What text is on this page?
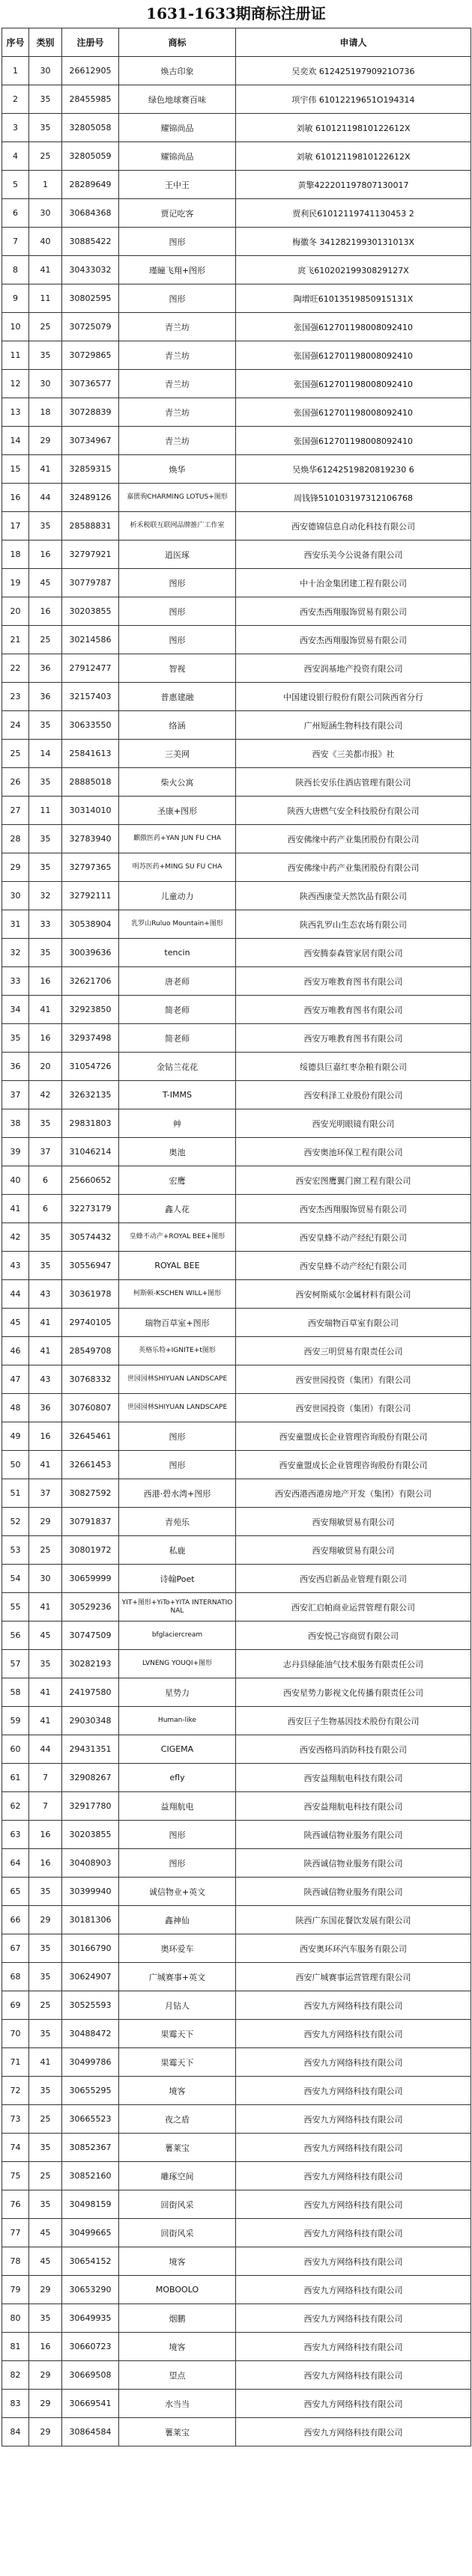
1631-1633期商标注册证
序号	类别	注册号	商标	申请人
1	30	26612905	焕古印象	吴奕欢 61242519790921O736
2	35	28455985	绿色地球赛百味	项宇伟 61012219651O194314
3	35	32805058	耀锦尚品	刘敏 61012119810122612X
4	25	32805059	耀锦尚品	刘敏 61012119810122612X
5	1	28289649	王中王	黄擎422201197807130017
6	30	30684368	贾记吃客	贾利民61012119741130453 2
7	40	30885422	图形	梅徽冬 34128219930131013X
8	41	30433032	瑾瞳飞翔+图形	庹飞61020219930829127X
9	11	30802595	图形	陶增旺61013519850915131X
10	25	30725079	青兰坊	张国强612701198008092410
11	35	30729865	青兰坊	张国强612701198008092410
12	30	30736577	青兰坊	张国强612701198008092410
13	18	30728839	青兰坊	张国强612701198008092410
14	29	30734967	青兰坊	张国强612701198008092410
15	41	32859315	焕华	吴焕华61242519820819230 6
16	44	32489126	嘉匮驹CHARMING LOTUS+图形	周钱锋510103197312106768
17	35	28588831	析禾税联互联网品牌推广工作室	西安德锦信息自动化科技有限公司
18	16	32797921	逍医琢	西安乐美今公说备有限公司
19	45	30779787	图形	中十治金集团建工程有限公司
20	16	30203855	图形	西安杰西翔服饰贸易有限公司
21	25	30214586	图形	西安杰西翔服饰贸易有限公司
22	36	27912477	智视	西安润基地产投资有限公司
23	36	32157403	普惠建融	中国建设银行股份有限公司陕西省分行
24	35	30633550	络涵	广州短涵生物科技有限公司
25	14	25841613	三美网	西安《三美都市报》社
26	35	28885018	柴火公寓	陕西长安乐住酒店管理有限公司
27	11	30314010	圣康+图形	陕西大唐燃气安全科技股份有限公司
28	35	32783940	麒傲医药+YAN JUN FU CHA	西安佛缘中药产业集团股份有限公司
29	35	32797365	明苏医药+MING SU FU CHA	西安佛缘中药产业集团股份有限公司
30	32	32792111	儿童动力	陕西西康莹天然饮品有限公司
31	33	30538904	乳罗山Ruluo Mountain+图形	陕西乳罗山生态农场有限公司
32	35	30039636	tencin	西安腾泰森管家居有限公司
33	16	32621706	唐老师	西安万唯教育图书有限公司
34	41	32923850	简老师	西安万唯教育图书有限公司
35	16	32937498	简老师	西安万唯教育图书有限公司
36	20	31054726	金钻兰花花	绥德县巨嘉红枣杂粮有限公司
37	42	32632135	T-IMMS	西安科泽工业股份有限公司
38	35	29831803	艸	西安光明眼镜有限公司
39	37	31046214	奥池	西安奥池环保工程有限公司
40	6	25660652	宏鹰	西安宏图鹰翼门窗工程有限公司
41	6	32273179	鑫人花	西安杰西翔服饰贸易有限公司
42	35	30574432	皇蜂不动产+ROYAL BEE+图形	西安皇蜂不动产经纪有限公司
43	35	30556947	ROYAL BEE	西安皇蜂不动产经纪有限公司
44	43	30361978	柯斯顿-KSCHEN WILL+图形	西安柯斯威尔金属材料有限公司
45	41	29740105	瑞物百草室+图形	西安瑞物百草室有限公司
46	41	28549708	英格乐特+IGNITE+t图形	西安三明贸易有限责任公司
47	43	30768332	世园园林SHIYUAN LANDSCAPE	西安世园投资（集团）有限公司
48	36	30760807	世园园林SHIYUAN LANDSCAPE	西安世园投资（集团）有限公司
49	16	32645461	图形	西安童盟成长企业管理咨询股份有限公司
50	41	32661453	图形	西安童盟成长企业管理咨询股份有限公司
51	37	30827592	西港·碧水湾+图形	西安西港西港房地产开发（集团）有限公司
52	29	30791837	青苑乐	西安翔敏贸易有限公司
53	25	30801972	私鹿	西安翔敏贸易有限公司
54	30	30659999	诗翰Poet	西安西启新品业管理有限公司
55	41	30529236	YIT+图形+YiTo+YITA INTERNATIONAL	西安汇启帕商业运营管理有限公司
56	45	30747509	bfglaciercream	西安悦己容商贸有限公司
57	35	30282193	LVNENG YOUQI+图形	志丹县绿能油气技术服务有限责任公司
58	41	24197580	星势力	西安星势力影视文化传播有限责任公司
59	41	29030348	Human-like	西安巨子生物基因技术股份有限公司
60	44	29431351	CIGEMA	西安西格玛消防科技有限公司
61	7	32908267	efly	西安益翔航电科技有限公司
62	7	32917780	益翔航电	西安益翔航电科技有限公司
63	16	30203855	图形	陕西诚信物业服务有限公司
64	16	30408903	图形	陕西诚信物业服务有限公司
65	35	30399940	诚信物业+英文	陕西诚信物业服务有限公司
66	29	30181306	鑫神仙	陕西广东国花餐饮发展有限公司
67	35	30166790	奥环爱车	西安奥环环汽车服务有限公司
68	35	30624907	广城赛事+英文	西安广城赛事运营管理有限公司
69	25	30525593	月钻人	西安九方网络科技有限公司
70	35	30488472	果霉天下	西安九方网络科技有限公司
71	41	30499786	果霉天下	西安九方网络科技有限公司
72	35	30655295	境客	西安九方网络科技有限公司
73	25	30665523	夜之盾	西安九方网络科技有限公司
74	35	30852367	薯莱宝	西安九方网络科技有限公司
75	25	30852160	雕琢空间	西安九方网络科技有限公司
76	35	30498159	回街风采	西安九方网络科技有限公司
77	45	30499665	回街风采	西安九方网络科技有限公司
78	45	30654152	境客	西安九方网络科技有限公司
79	29	30653290	MOBOOLO	西安九方网络科技有限公司
80	35	30649935	烟鹏	西安九方网络科技有限公司
81	16	30660723	境客	西安九方网络科技有限公司
82	29	30669508	望点	西安九方网络科技有限公司
83	29	30669541	水当当	西安九方网络科技有限公司
84	29	30864584	薯莱宝	西安九方网络科技有限公司
